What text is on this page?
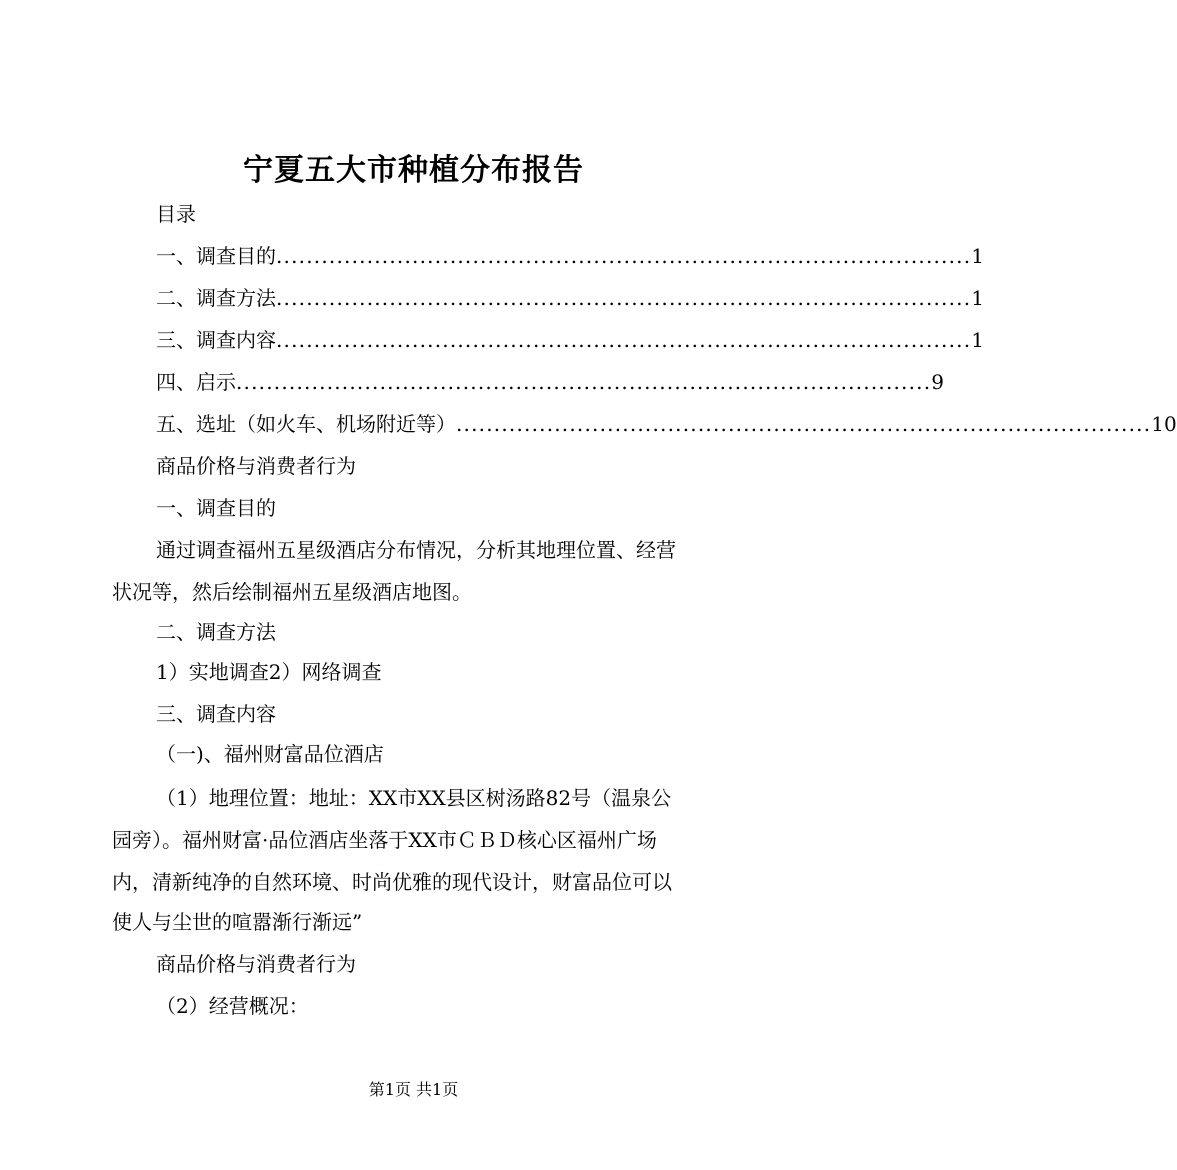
宁夏五大市种植分布报告
目录
一、调查目的 ............................................................................................ 1
二、调查方法 ............................................................................................ 1
三、调查内容 ............................................................................................ 1
四、启示 ............................................................................................ 9
五、选址（如火车、机场附近等） ............................................................................................ 10
商品价格与消费者行为
一、调查目的
通过调查福州五星级酒店分布情况，分析其地理位置、经营
状况等，然后绘制福州五星级酒店地图。
二、调查方法
1）实地调查2）网络调查
三、调查内容
（一)、福州财富品位酒店
（1）地理位置：地址：XX市XX县区树汤路82号（温泉公
园旁）。福州财富·品位酒店坐落于XX市ＣＢＤ核心区福州广场
内，清新纯净的自然环境、时尚优雅的现代设计，财富品位可以
使人与尘世的喧嚣渐行渐远”
商品价格与消费者行为
（2）经营概况：
第1页 共1页
